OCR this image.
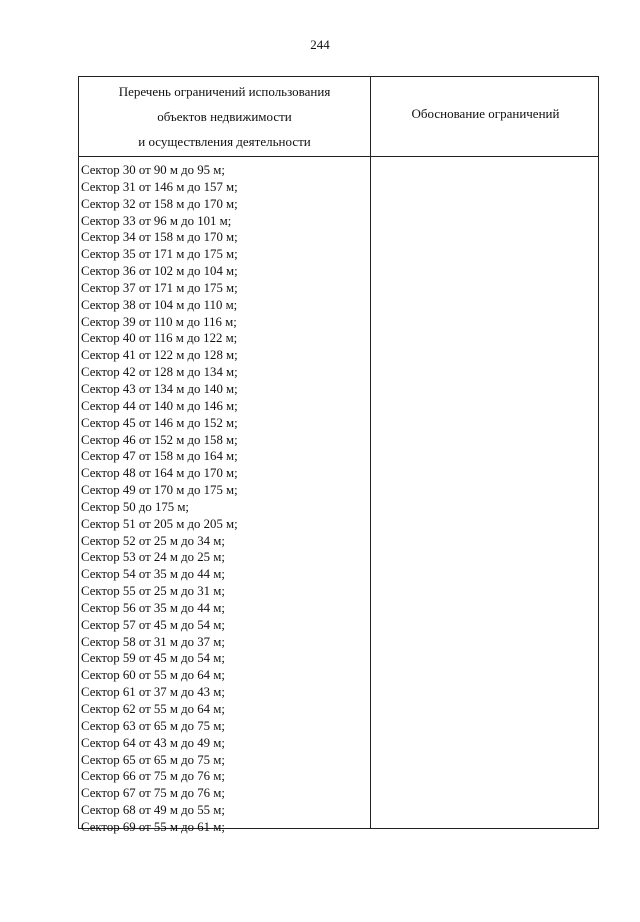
244
Перечень ограничений использования
объектов недвижимости
и осуществления деятельности
Обоснование ограничений
Сектор 30 от 90 м до 95 м;
Сектор 31 от 146 м до 157 м;
Сектор 32 от 158 м до 170 м;
Сектор 33 от 96 м до 101 м;
Сектор 34 от 158 м до 170 м;
Сектор 35 от 171 м до 175 м;
Сектор 36 от 102 м до 104 м;
Сектор 37 от 171 м до 175 м;
Сектор 38 от 104 м до 110 м;
Сектор 39 от 110 м до 116 м;
Сектор 40 от 116 м до 122 м;
Сектор 41 от 122 м до 128 м;
Сектор 42 от 128 м до 134 м;
Сектор 43 от 134 м до 140 м;
Сектор 44 от 140 м до 146 м;
Сектор 45 от 146 м до 152 м;
Сектор 46 от 152 м до 158 м;
Сектор 47 от 158 м до 164 м;
Сектор 48 от 164 м до 170 м;
Сектор 49 от 170 м до 175 м;
Сектор 50 до 175 м;
Сектор 51 от 205 м до 205 м;
Сектор 52 от 25 м до 34 м;
Сектор 53 от 24 м до 25 м;
Сектор 54 от 35 м до 44 м;
Сектор 55 от 25 м до 31 м;
Сектор 56 от 35 м до 44 м;
Сектор 57 от 45 м до 54 м;
Сектор 58 от 31 м до 37 м;
Сектор 59 от 45 м до 54 м;
Сектор 60 от 55 м до 64 м;
Сектор 61 от 37 м до 43 м;
Сектор 62 от 55 м до 64 м;
Сектор 63 от 65 м до 75 м;
Сектор 64 от 43 м до 49 м;
Сектор 65 от 65 м до 75 м;
Сектор 66 от 75 м до 76 м;
Сектор 67 от 75 м до 76 м;
Сектор 68 от 49 м до 55 м;
Сектор 69 от 55 м до 61 м;
